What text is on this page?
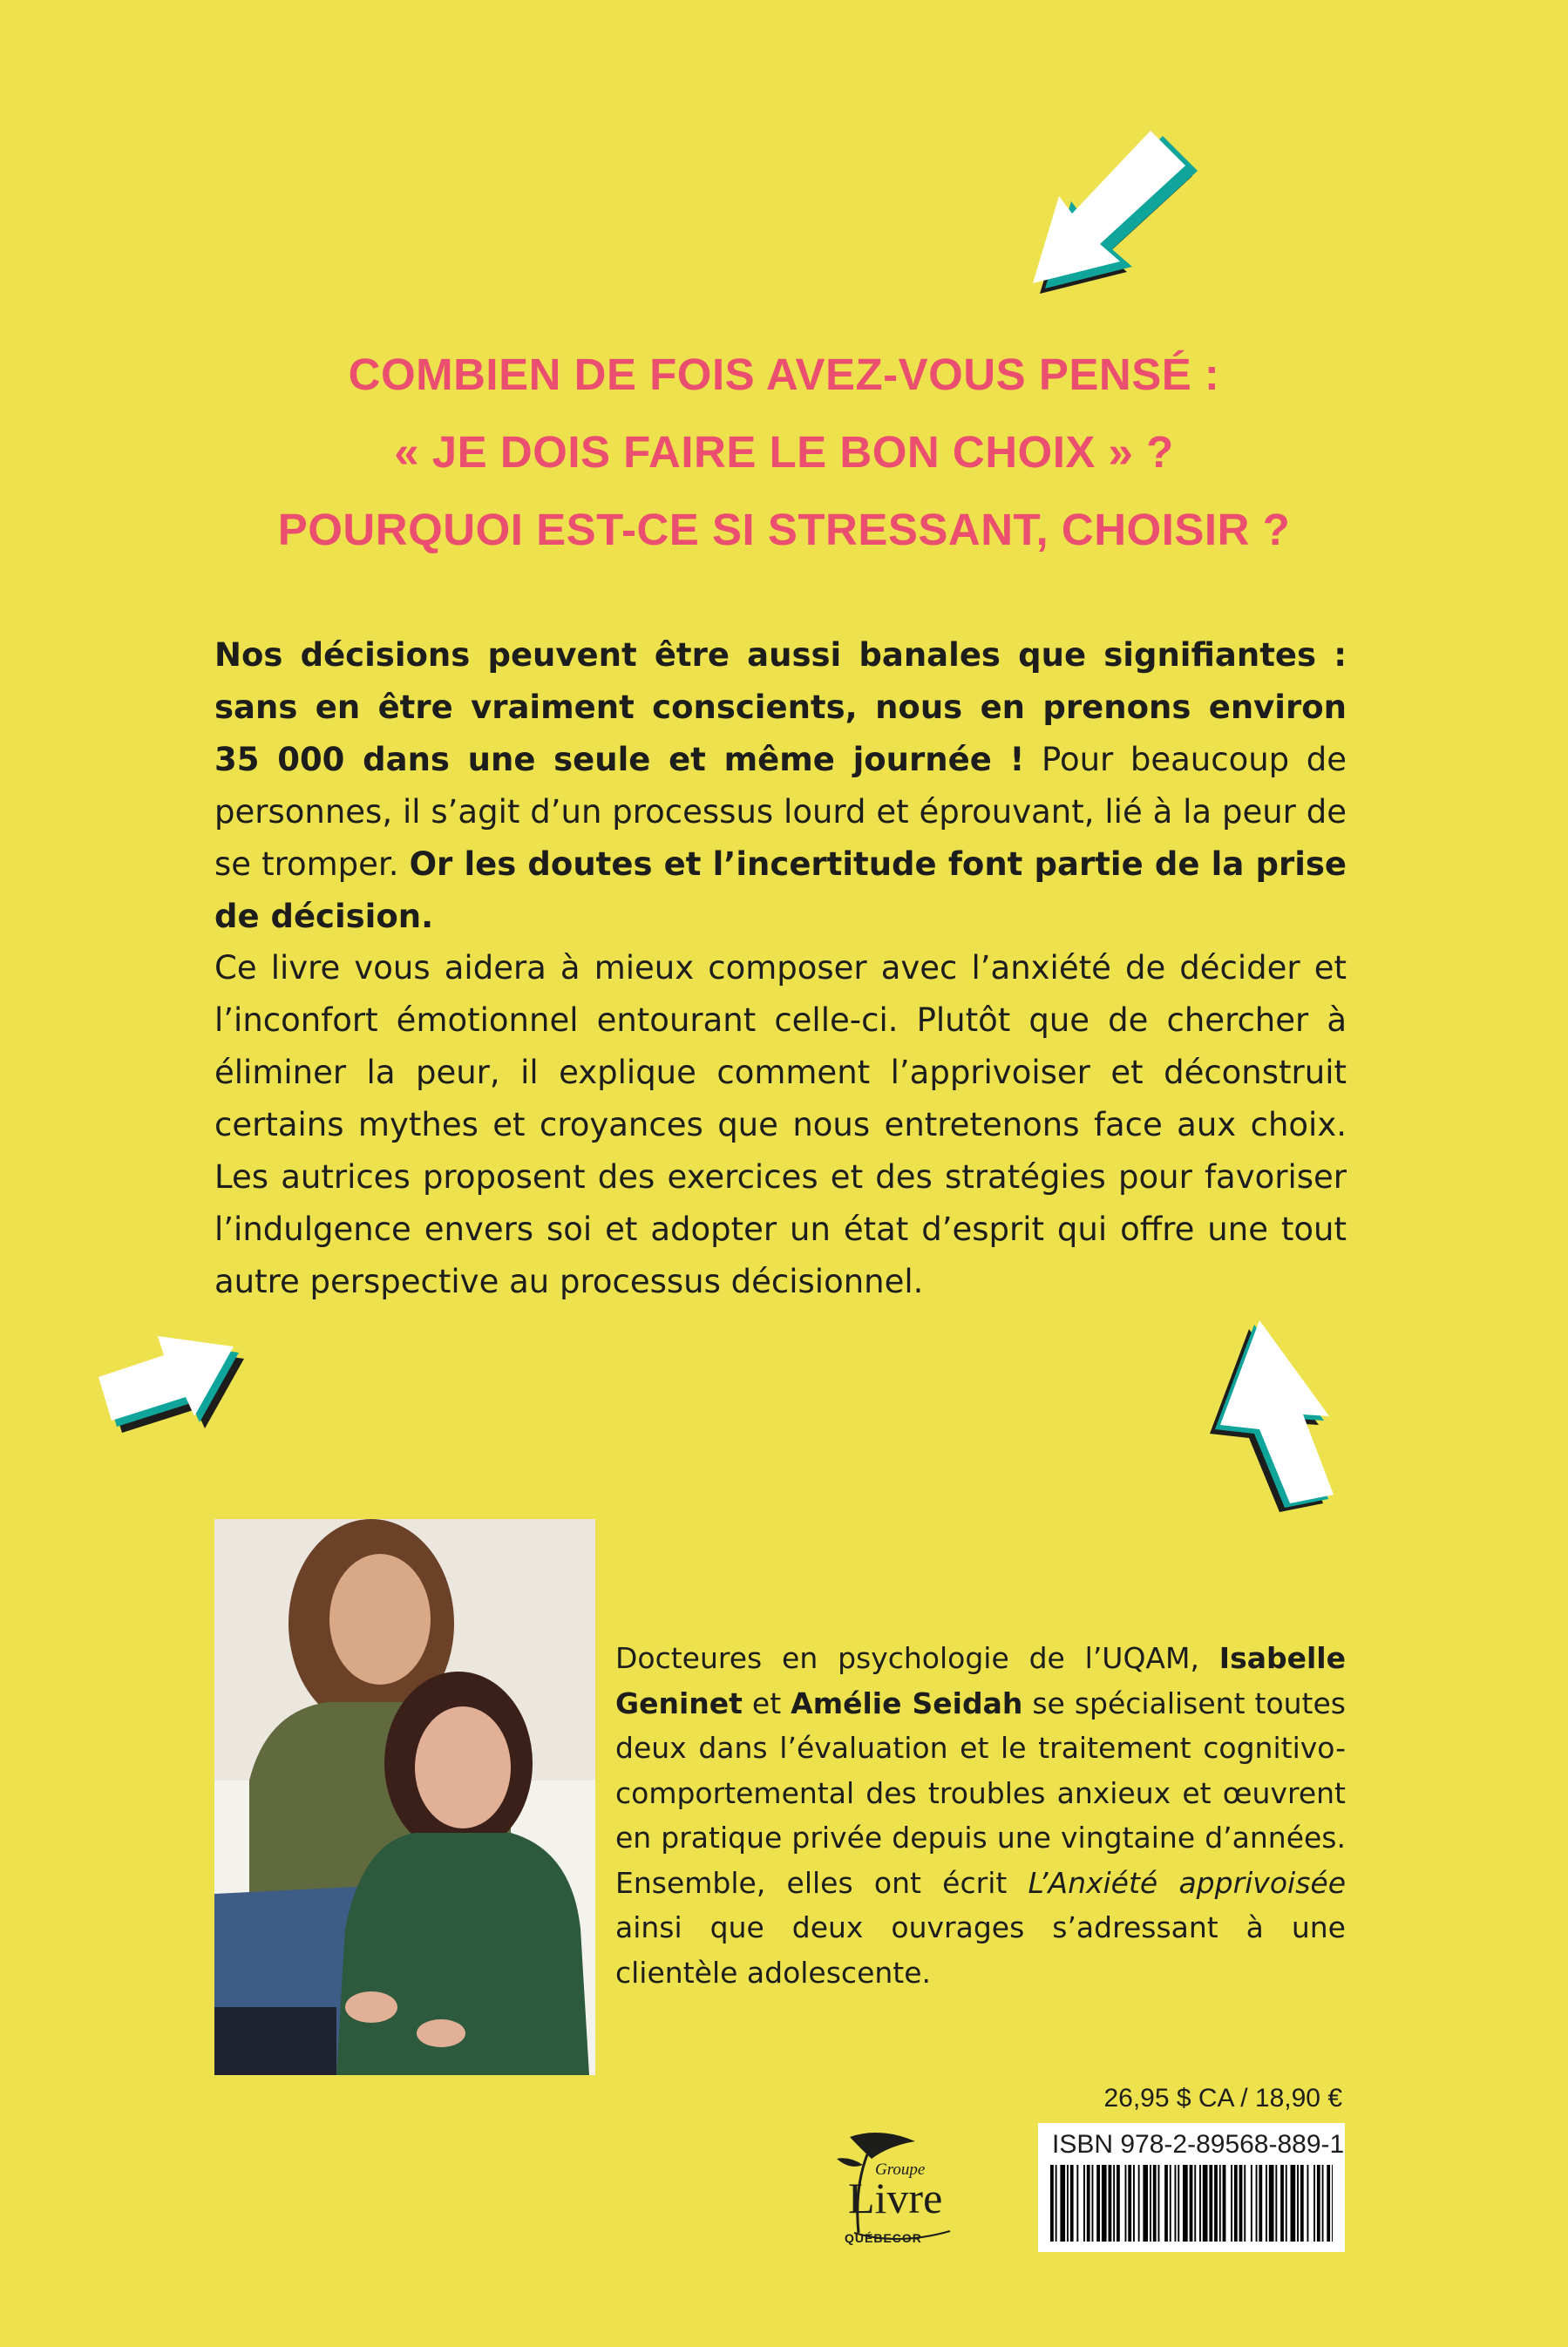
COMBIEN DE FOIS AVEZ-VOUS PENSÉ :
« JE DOIS FAIRE LE BON CHOIX » ?
POURQUOI EST-CE SI STRESSANT, CHOISIR ?
Nos décisions peuvent être aussi banales que signifiantes : sans en être vraiment conscients, nous en prenons environ 35 000 dans une seule et même journée ! Pour beaucoup de personnes, il s’agit d’un processus lourd et éprouvant, lié à la peur de se tromper. Or les doutes et l’incertitude font partie de la prise de décision.
Ce livre vous aidera à mieux composer avec l’anxiété de décider et l’inconfort émotionnel entourant celle-ci. Plutôt que de chercher à éliminer la peur, il explique comment l’apprivoiser et déconstruit certains mythes et croyances que nous entretenons face aux choix. Les autrices proposent des exercices et des stratégies pour favoriser l’indulgence envers soi et adopter un état d’esprit qui offre une tout autre perspective au processus décisionnel.
Docteures en psychologie de l’UQAM, Isabelle Geninet et Amélie Seidah se spécialisent toutes deux dans l’évaluation et le traitement cognitivo-comportemental des troubles anxieux et œuvrent en pratique privée depuis une vingtaine d’années. Ensemble, elles ont écrit L’Anxiété apprivoisée ainsi que deux ouvrages s’adressant à une clientèle adolescente.
Groupe
Livre
QUÉBECOR
26,95 $ CA / 18,90 €
ISBN 978-2-89568-889-1
